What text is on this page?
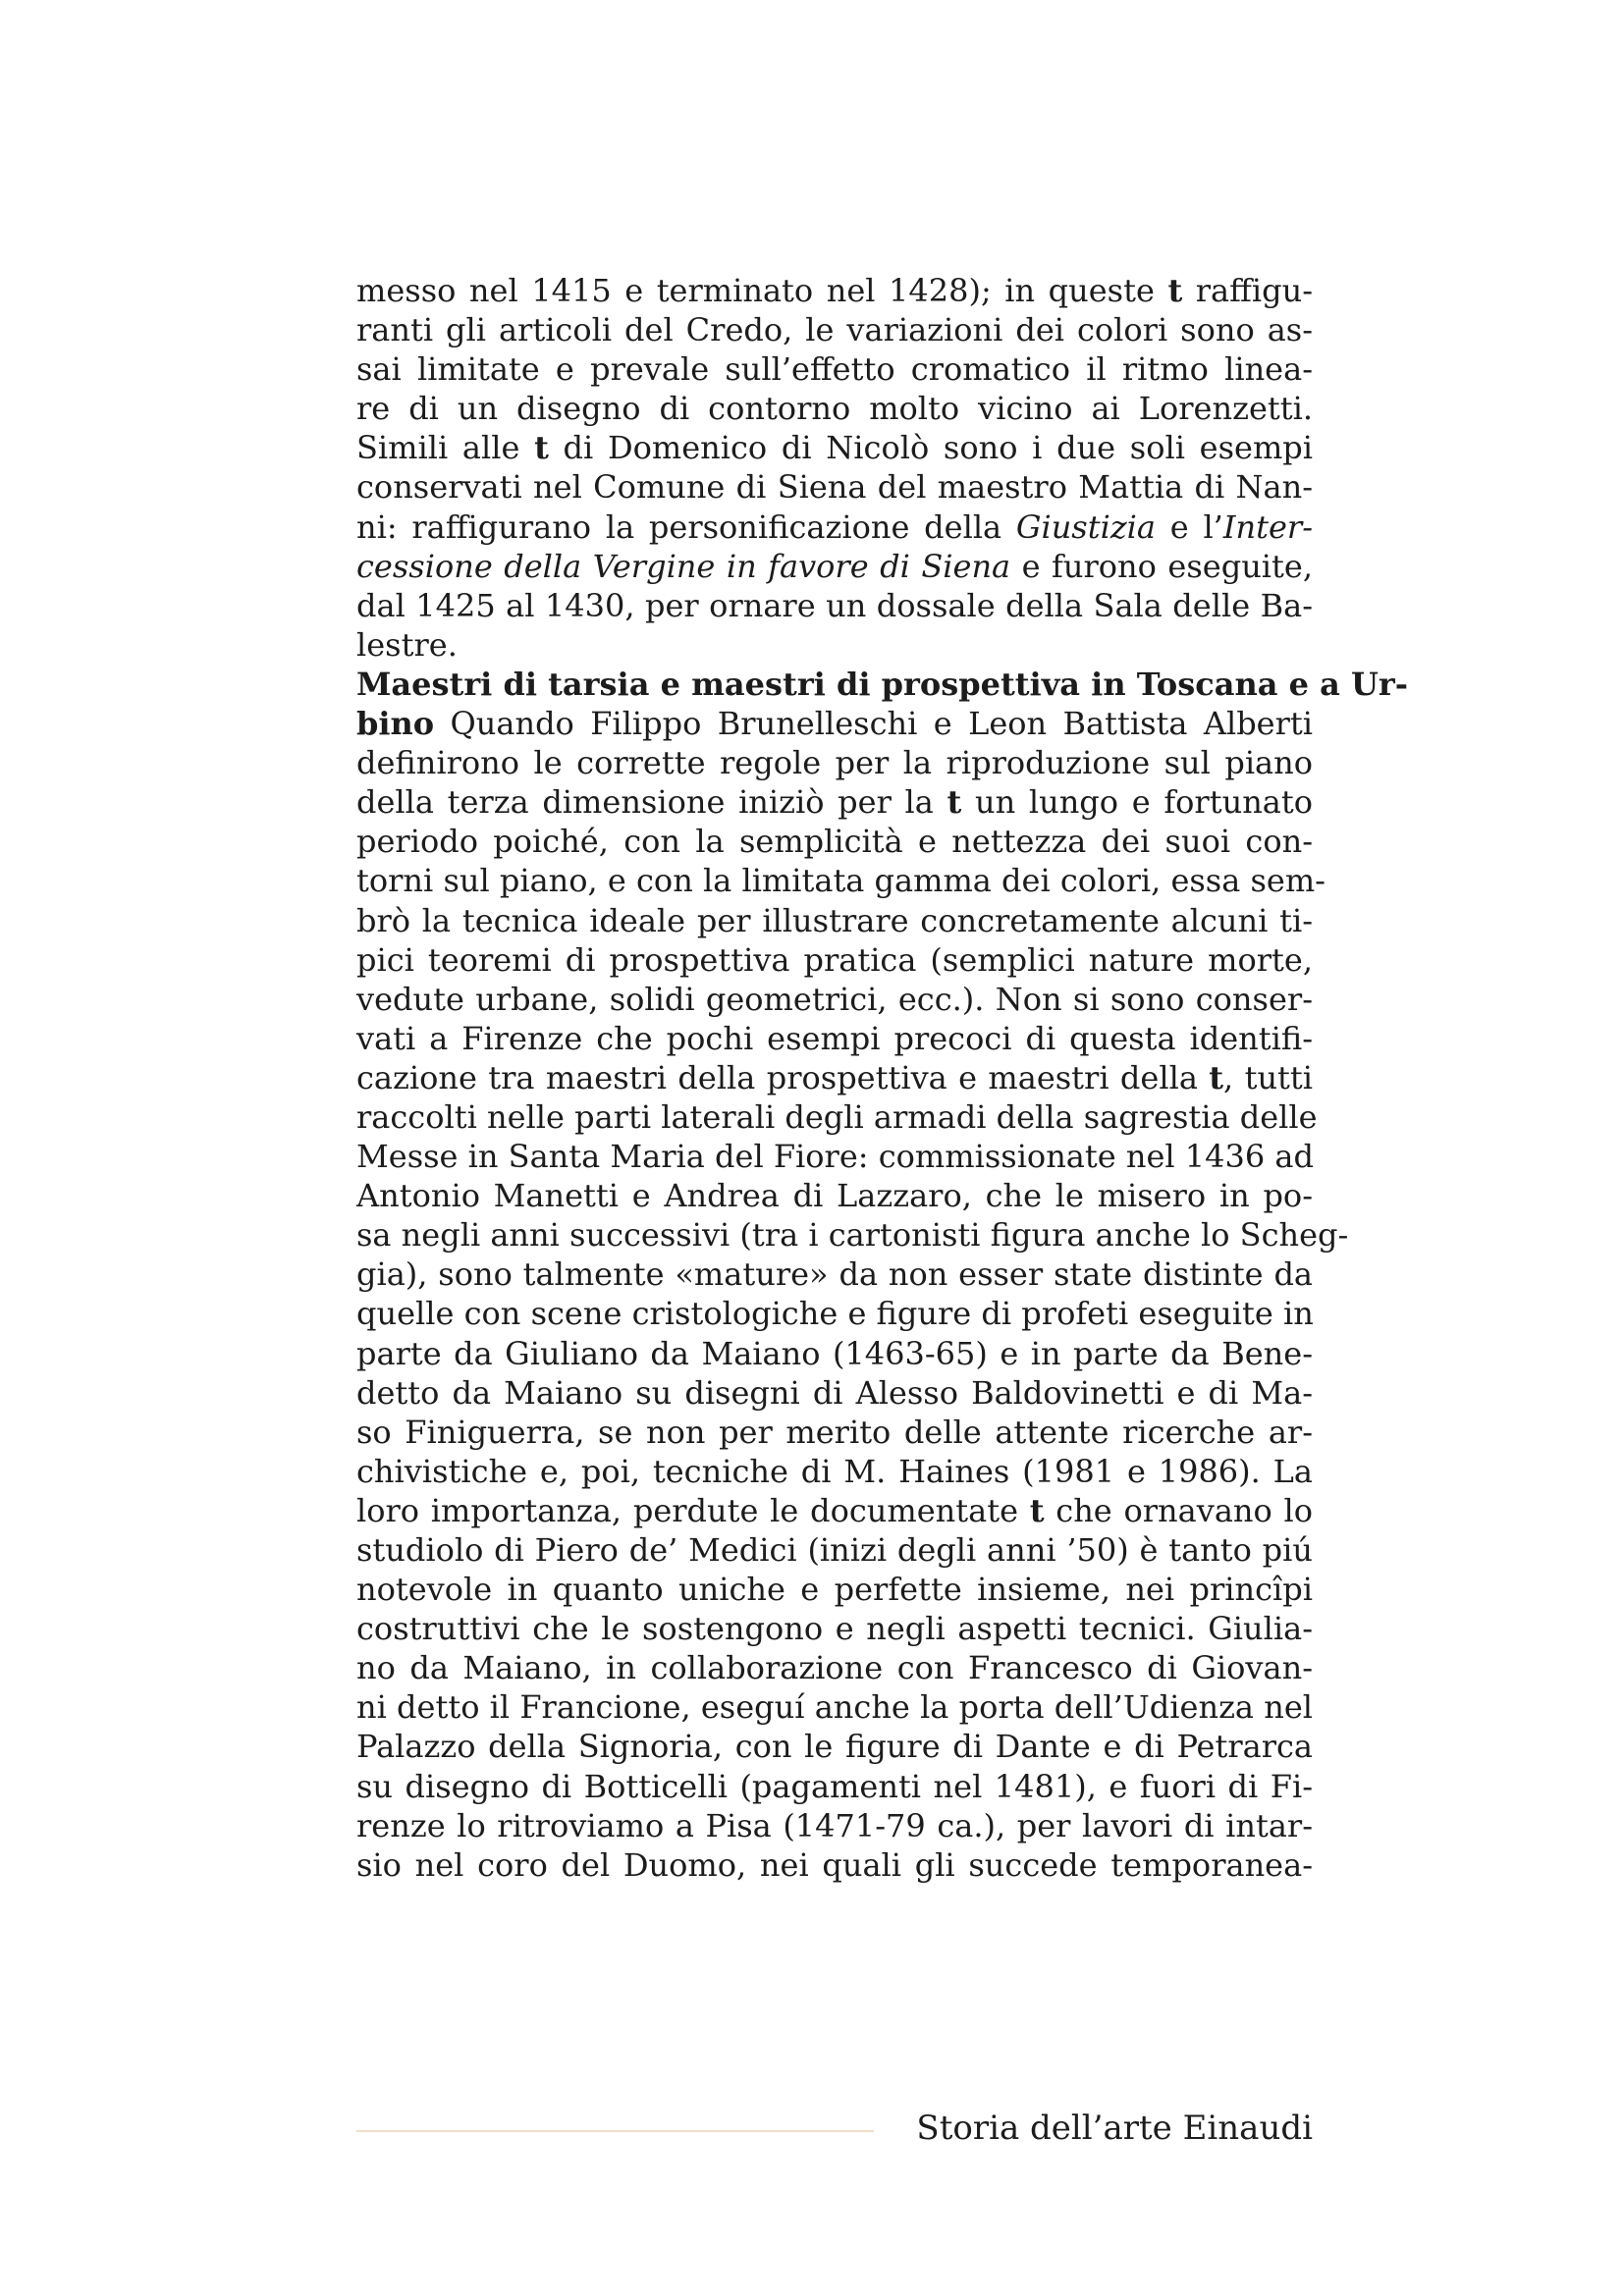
messo nel 1415 e terminato nel 1428); in queste t raffigu-
ranti gli articoli del Credo, le variazioni dei colori sono as-
sai limitate e prevale sull’effetto cromatico il ritmo linea-
re di un disegno di contorno molto vicino ai Lorenzetti.
Simili alle t di Domenico di Nicolò sono i due soli esempi
conservati nel Comune di Siena del maestro Mattia di Nan-
ni: raffigurano la personificazione della Giustizia e l’Inter-
cessione della Vergine in favore di Siena e furono eseguite,
dal 1425 al 1430, per ornare un dossale della Sala delle Ba-
lestre.
Maestri di tarsia e maestri di prospettiva in Toscana e a Ur-
bino Quando Filippo Brunelleschi e Leon Battista Alberti
definirono le corrette regole per la riproduzione sul piano
della terza dimensione iniziò per la t un lungo e fortunato
periodo poiché, con la semplicità e nettezza dei suoi con-
torni sul piano, e con la limitata gamma dei colori, essa sem-
brò la tecnica ideale per illustrare concretamente alcuni ti-
pici teoremi di prospettiva pratica (semplici nature morte,
vedute urbane, solidi geometrici, ecc.). Non si sono conser-
vati a Firenze che pochi esempi precoci di questa identifi-
cazione tra maestri della prospettiva e maestri della t, tutti
raccolti nelle parti laterali degli armadi della sagrestia delle
Messe in Santa Maria del Fiore: commissionate nel 1436 ad
Antonio Manetti e Andrea di Lazzaro, che le misero in po-
sa negli anni successivi (tra i cartonisti figura anche lo Scheg-
gia), sono talmente «mature» da non esser state distinte da
quelle con scene cristologiche e figure di profeti eseguite in
parte da Giuliano da Maiano (1463-65) e in parte da Bene-
detto da Maiano su disegni di Alesso Baldovinetti e di Ma-
so Finiguerra, se non per merito delle attente ricerche ar-
chivistiche e, poi, tecniche di M. Haines (1981 e 1986). La
loro importanza, perdute le documentate t che ornavano lo
studiolo di Piero de’ Medici (inizi degli anni ’50) è tanto piú
notevole in quanto uniche e perfette insieme, nei princîpi
costruttivi che le sostengono e negli aspetti tecnici. Giulia-
no da Maiano, in collaborazione con Francesco di Giovan-
ni detto il Francione, eseguí anche la porta dell’Udienza nel
Palazzo della Signoria, con le figure di Dante e di Petrarca
su disegno di Botticelli (pagamenti nel 1481), e fuori di Fi-
renze lo ritroviamo a Pisa (1471-79 ca.), per lavori di intar-
sio nel coro del Duomo, nei quali gli succede temporanea-
Storia dell’arte Einaudi
